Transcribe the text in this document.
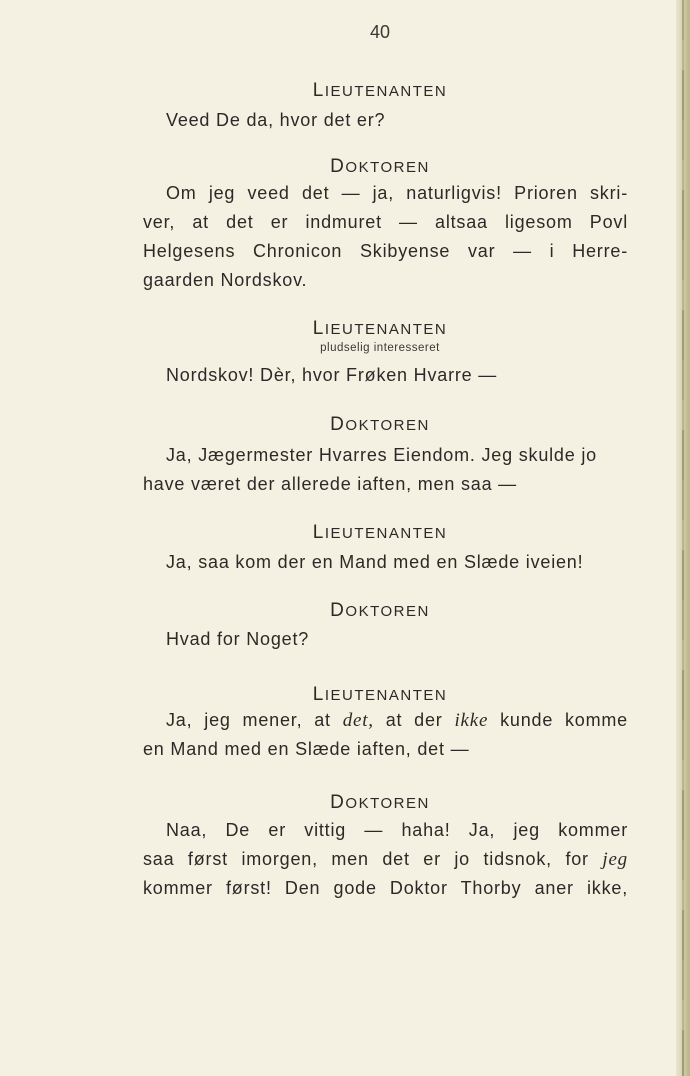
40
LIEUTENANTEN
Veed De da, hvor det er?
DOKTOREN
Om jeg veed det — ja, naturligvis! Prioren skri-
ver, at det er indmuret — altsaa ligesom Povl
Helgesens Chronicon Skibyense var — i Herre-
gaarden Nordskov.
LIEUTENANTEN
pludselig interesseret
Nordskov! Dèr, hvor Frøken Hvarre —
DOKTOREN
Ja, Jægermester Hvarres Eiendom. Jeg skulde jo
have været der allerede iaften, men saa —
LIEUTENANTEN
Ja, saa kom der en Mand med en Slæde iveien!
DOKTOREN
Hvad for Noget?
LIEUTENANTEN
Ja, jeg mener, at det, at der ikke kunde komme
en Mand med en Slæde iaften, det —
DOKTOREN
Naa, De er vittig — haha! Ja, jeg kommer
saa først imorgen, men det er jo tidsnok, for jeg
kommer først! Den gode Doktor Thorby aner ikke,
